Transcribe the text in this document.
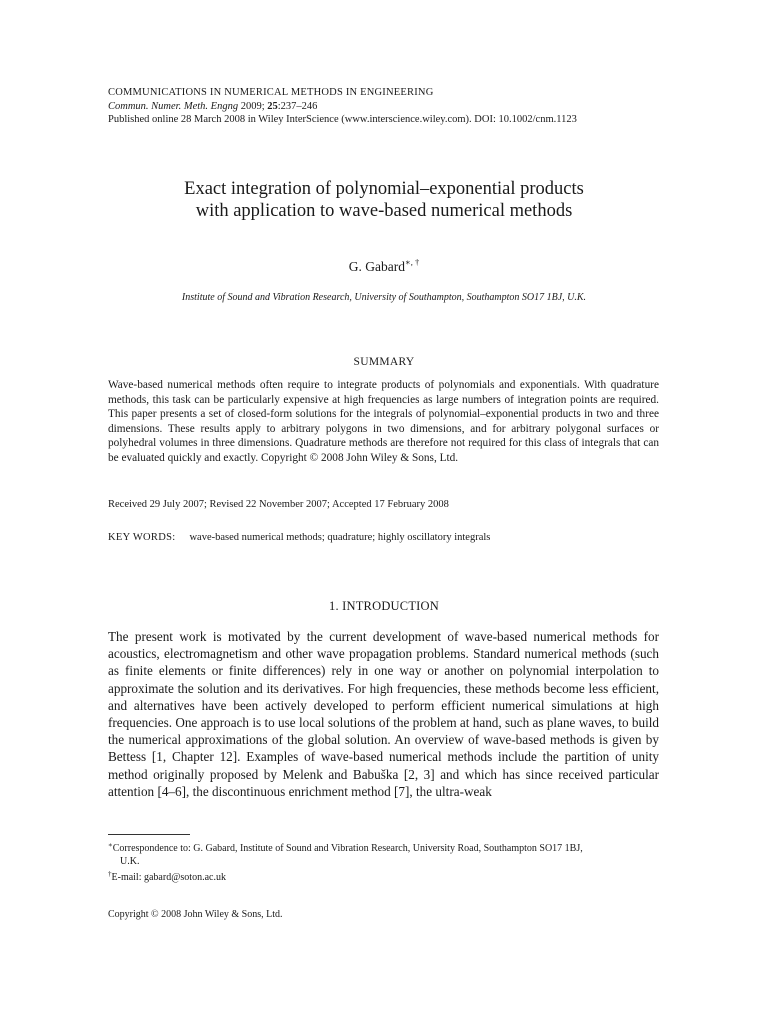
COMMUNICATIONS IN NUMERICAL METHODS IN ENGINEERING
Commun. Numer. Meth. Engng 2009; 25:237–246
Published online 28 March 2008 in Wiley InterScience (www.interscience.wiley.com). DOI: 10.1002/cnm.1123
Exact integration of polynomial–exponential products
with application to wave-based numerical methods
G. Gabard∗, †
Institute of Sound and Vibration Research, University of Southampton, Southampton SO17 1BJ, U.K.
SUMMARY
Wave-based numerical methods often require to integrate products of polynomials and exponentials. With quadrature methods, this task can be particularly expensive at high frequencies as large numbers of integration points are required. This paper presents a set of closed-form solutions for the integrals of polynomial–exponential products in two and three dimensions. These results apply to arbitrary polygons in two dimensions, and for arbitrary polygonal surfaces or polyhedral volumes in three dimensions. Quadrature methods are therefore not required for this class of integrals that can be evaluated quickly and exactly. Copyright © 2008 John Wiley & Sons, Ltd.
Received 29 July 2007; Revised 22 November 2007; Accepted 17 February 2008
KEY WORDS: wave-based numerical methods; quadrature; highly oscillatory integrals
1. INTRODUCTION
The present work is motivated by the current development of wave-based numerical methods for acoustics, electromagnetism and other wave propagation problems. Standard numerical methods (such as finite elements or finite differences) rely in one way or another on polynomial interpolation to approximate the solution and its derivatives. For high frequencies, these methods become less efficient, and alternatives have been actively developed to perform efficient numerical simulations at high frequencies. One approach is to use local solutions of the problem at hand, such as plane waves, to build the numerical approximations of the global solution. An overview of wave-based methods is given by Bettess [1, Chapter 12]. Examples of wave-based numerical methods include the partition of unity method originally proposed by Melenk and Babuška [2, 3] and which has since received particular attention [4–6], the discontinuous enrichment method [7], the ultra-weak
∗Correspondence to: G. Gabard, Institute of Sound and Vibration Research, University Road, Southampton SO17 1BJ,
U.K.
†E-mail: gabard@soton.ac.uk
Copyright © 2008 John Wiley & Sons, Ltd.
